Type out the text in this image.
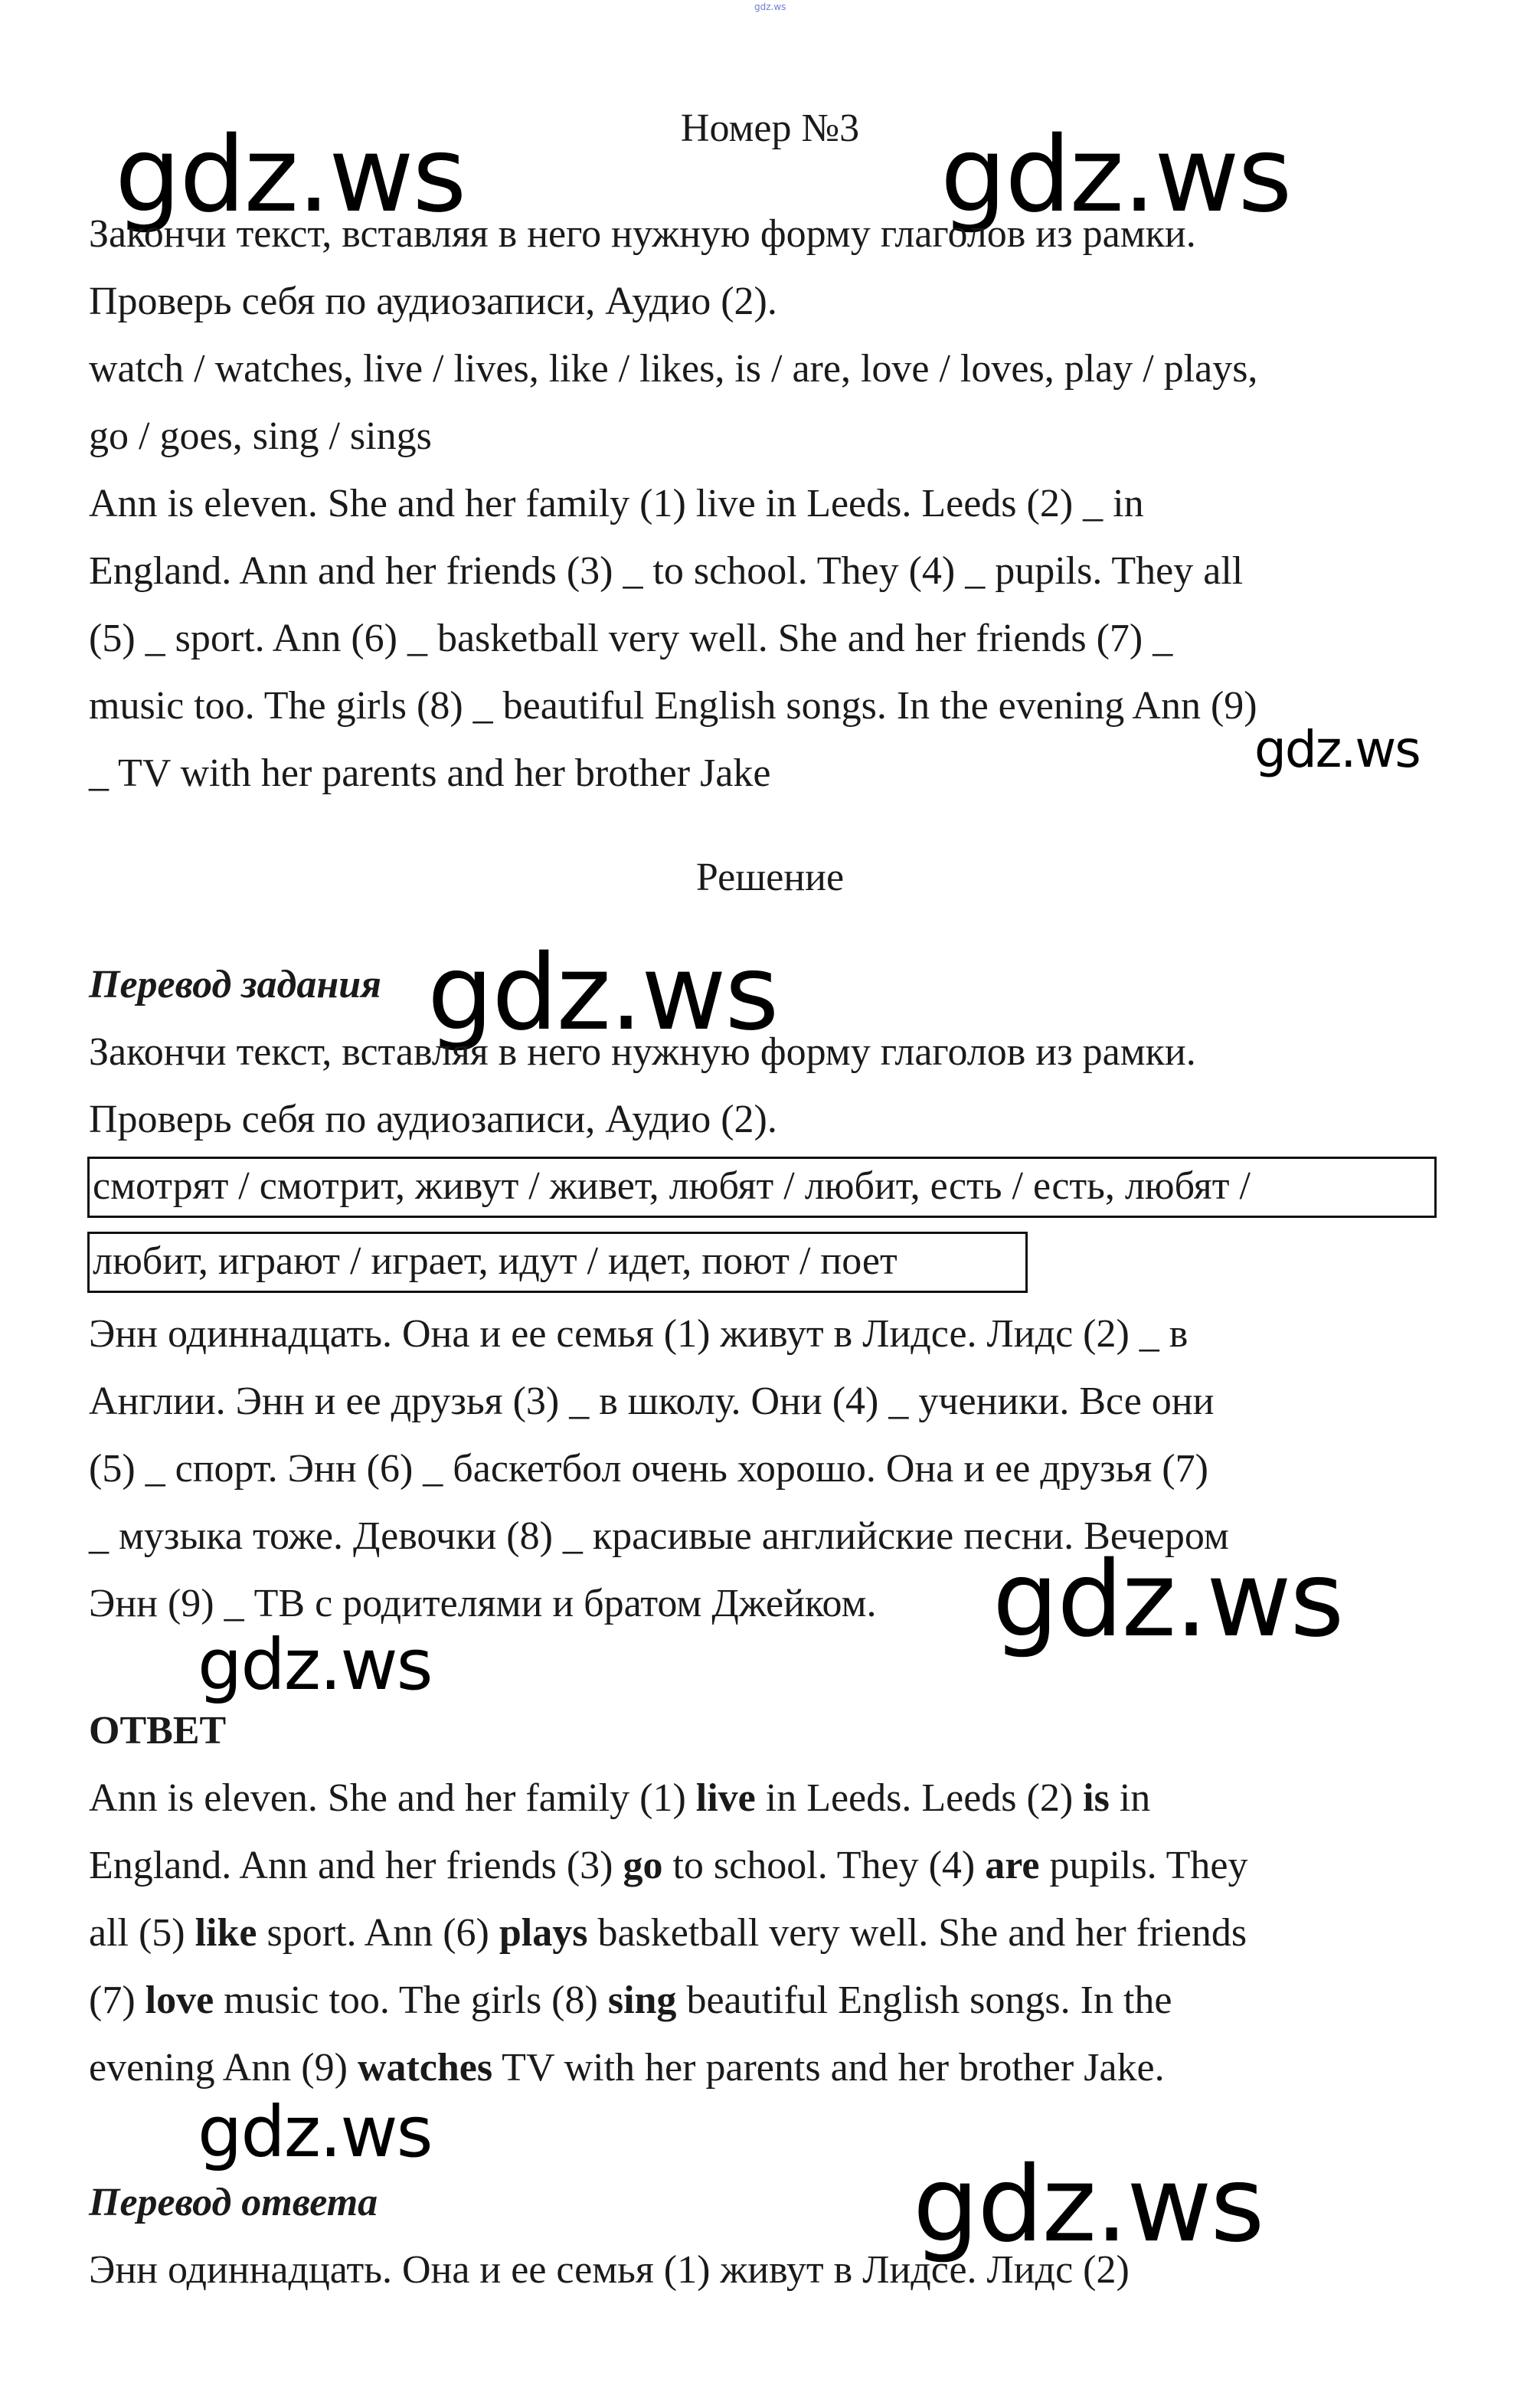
gdz.ws
Номер №3
gdz.ws	gdz.ws
Закончи текст, вставляя в него нужную форму глаголов из рамки.
Проверь себя по аудиозаписи, Аудио (2).
watch / watches, live / lives, like / likes, is / are, love / loves, play / plays,
go / goes, sing / sings
Ann is eleven. She and her family (1) live in Leeds. Leeds (2) _ in
England. Ann and her friends (3) _ to school. They (4) _ pupils. They all
(5) _ sport. Ann (6) _ basketball very well. She and her friends (7) _
music too. The girls (8) _ beautiful English songs. In the evening Ann (9)
_ TV with her parents and her brother Jake	gdz.ws
Решение
Перевод задания gdz.ws
Закончи текст, вставляя в него нужную форму глаголов из рамки.
Проверь себя по аудиозаписи, Аудио (2).
смотрят / смотрит, живут / живет, любят / любит, есть / есть, любят /
любит, играют / играет, идут / идет, поют / поет
Энн одиннадцать. Она и ее семья (1) живут в Лидсе. Лидс (2) _ в
Англии. Энн и ее друзья (3) _ в школу. Они (4) _ ученики. Все они
(5) _ спорт. Энн (6) _ баскетбол очень хорошо. Она и ее друзья (7)
_ музыка тоже. Девочки (8) _ красивые английские песни. Вечером
Энн (9) _ ТВ с родителями и братом Джейком. gdz.ws
gdz.ws
ОТВЕТ
Ann is eleven. She and her family (1) live in Leeds. Leeds (2) is in
England. Ann and her friends (3) go to school. They (4) are pupils. They
all (5) like sport. Ann (6) plays basketball very well. She and her friends
(7) love music too. The girls (8) sing beautiful English songs. In the
evening Ann (9) watches TV with her parents and her brother Jake.
gdz.ws
Перевод ответа	gdz.ws
Энн одиннадцать. Она и ее семья (1) живут в Лидсе. Лидс (2)
